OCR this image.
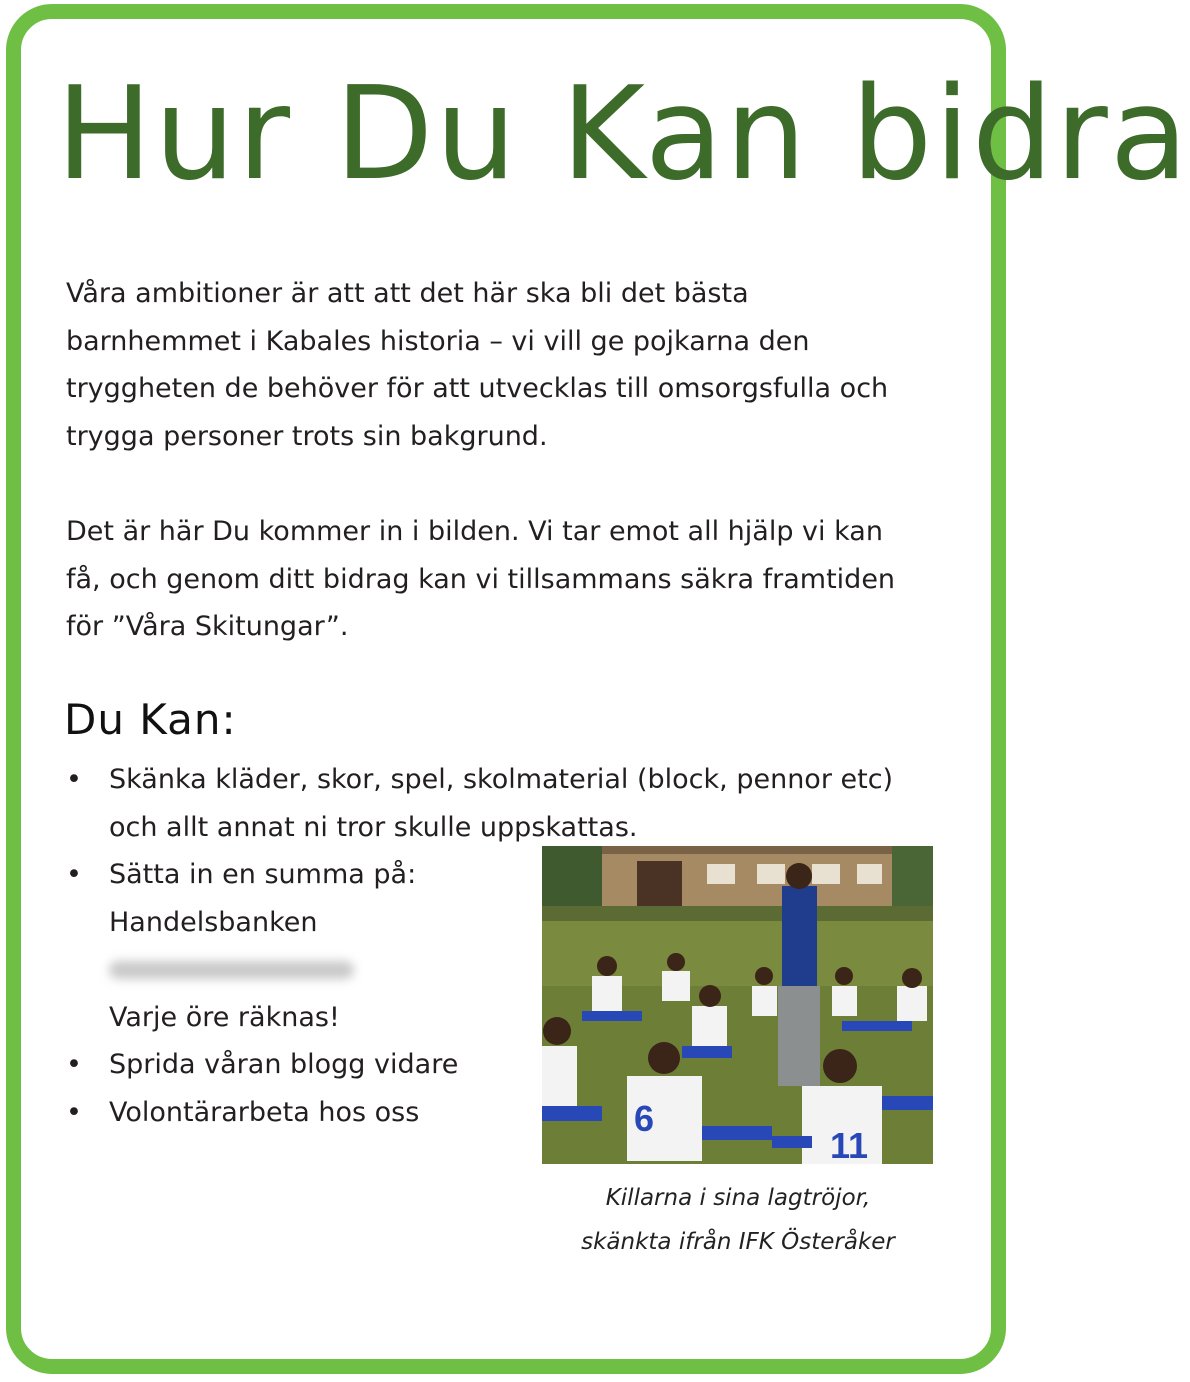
Hur Du Kan bidra

Våra ambitioner är att att det här ska bli det bästa barnhemmet i Kabales historia – vi vill ge pojkarna den tryggheten de behöver för att utvecklas till omsorgsfulla och trygga personer trots sin bakgrund.

Det är här Du kommer in i bilden. Vi tar emot all hjälp vi kan få, och genom ditt bidrag kan vi tillsammans säkra framtiden för ”Våra Skitungar”.

Du Kan:
• Skänka kläder, skor, spel, skolmaterial (block, pennor etc)
och allt annat ni tror skulle uppskattas.
• Sätta in en summa på:
Handelsbanken
Varje öre räknas!
• Sprida våran blogg vidare
• Volontärarbeta hos oss	6
11

Killarna i sina lagtröjor,
skänkta ifrån IFK Österåker
